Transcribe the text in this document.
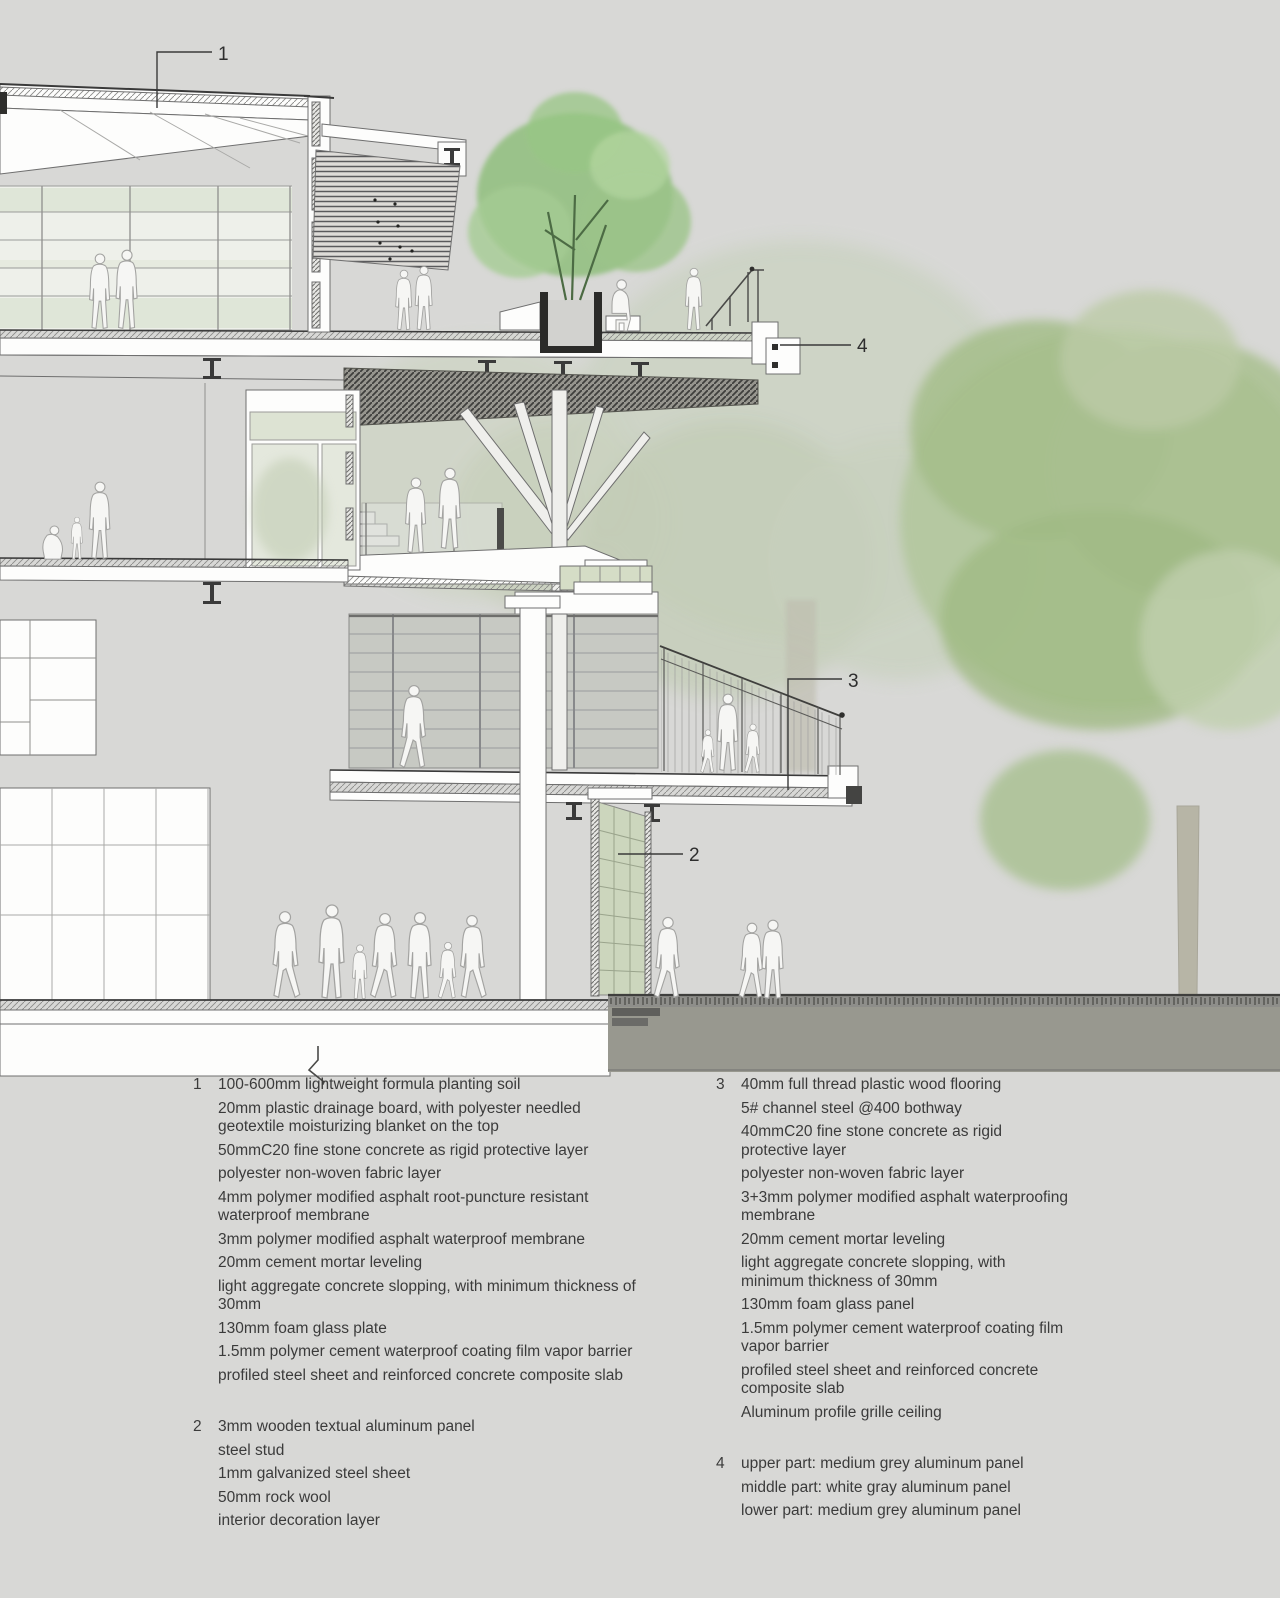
1
4
3
2
1 100-600mm lightweight formula planting soil

20mm plastic drainage board, with polyester needled geotextile moisturizing blanket on the top

50mmC20 fine stone concrete as rigid protective layer

polyester non-woven fabric layer

4mm polymer modified asphalt root-puncture resistant waterproof membrane

3mm polymer modified asphalt waterproof membrane

20mm cement mortar leveling

light aggregate concrete slopping, with minimum thickness of 30mm

130mm foam glass plate

1.5mm polymer cement waterproof coating film vapor barrier

profiled steel sheet and reinforced concrete composite slab

2 3mm wooden textual aluminum panel

steel stud

1mm galvanized steel sheet

50mm rock wool

interior decoration layer

3 40mm full thread plastic wood flooring

5# channel steel @400 bothway

40mmC20 fine stone concrete as rigid protective layer

polyester non-woven fabric layer

3+3mm polymer modified asphalt waterproofing membrane

20mm cement mortar leveling

light aggregate concrete slopping, with minimum thickness of 30mm

130mm foam glass panel

1.5mm polymer cement waterproof coating film vapor barrier

profiled steel sheet and reinforced concrete composite slab

Aluminum profile grille ceiling

4 upper part: medium grey aluminum panel

middle part: white gray aluminum panel

lower part: medium grey aluminum panel
